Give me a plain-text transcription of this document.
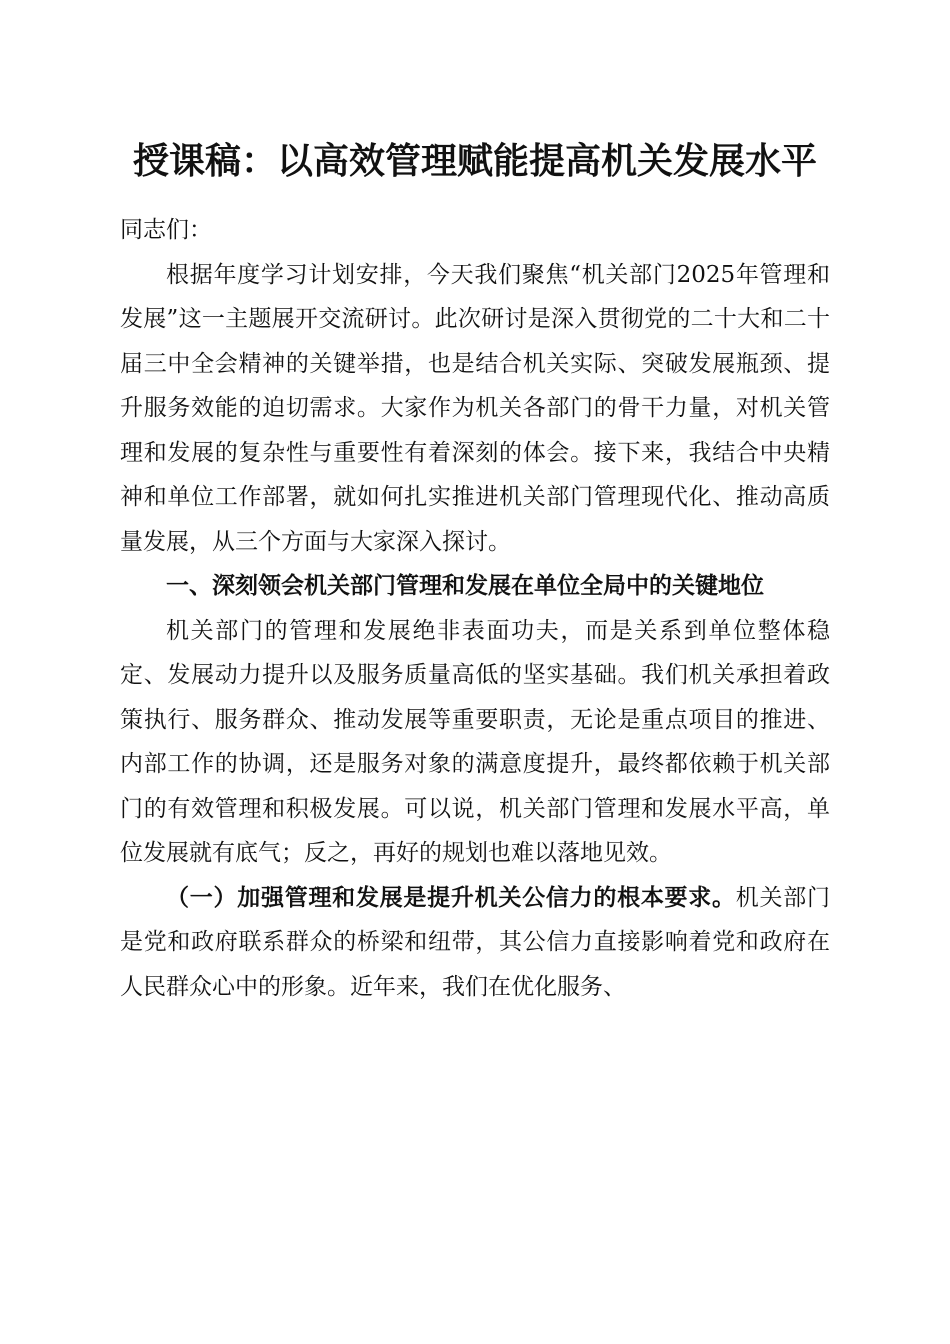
授课稿：以高效管理赋能提高机关发展水平

同志们：

根据年度学习计划安排，今天我们聚焦“机关部门2025年管理和发展”这一主题展开交流研讨。此次研讨是深入贯彻党的二十大和二十届三中全会精神的关键举措，也是结合机关实际、突破发展瓶颈、提升服务效能的迫切需求。大家作为机关各部门的骨干力量，对机关管理和发展的复杂性与重要性有着深刻的体会。接下来，我结合中央精神和单位工作部署，就如何扎实推进机关部门管理现代化、推动高质量发展，从三个方面与大家深入探讨。

一、深刻领会机关部门管理和发展在单位全局中的关键地位

机关部门的管理和发展绝非表面功夫，而是关系到单位整体稳定、发展动力提升以及服务质量高低的坚实基础。我们机关承担着政策执行、服务群众、推动发展等重要职责，无论是重点项目的推进、内部工作的协调，还是服务对象的满意度提升，最终都依赖于机关部门的有效管理和积极发展。可以说，机关部门管理和发展水平高，单位发展就有底气；反之，再好的规划也难以落地见效。

（一）加强管理和发展是提升机关公信力的根本要求。机关部门是党和政府联系群众的桥梁和纽带，其公信力直接影响着党和政府在人民群众心中的形象。近年来，我们在优化服务、
